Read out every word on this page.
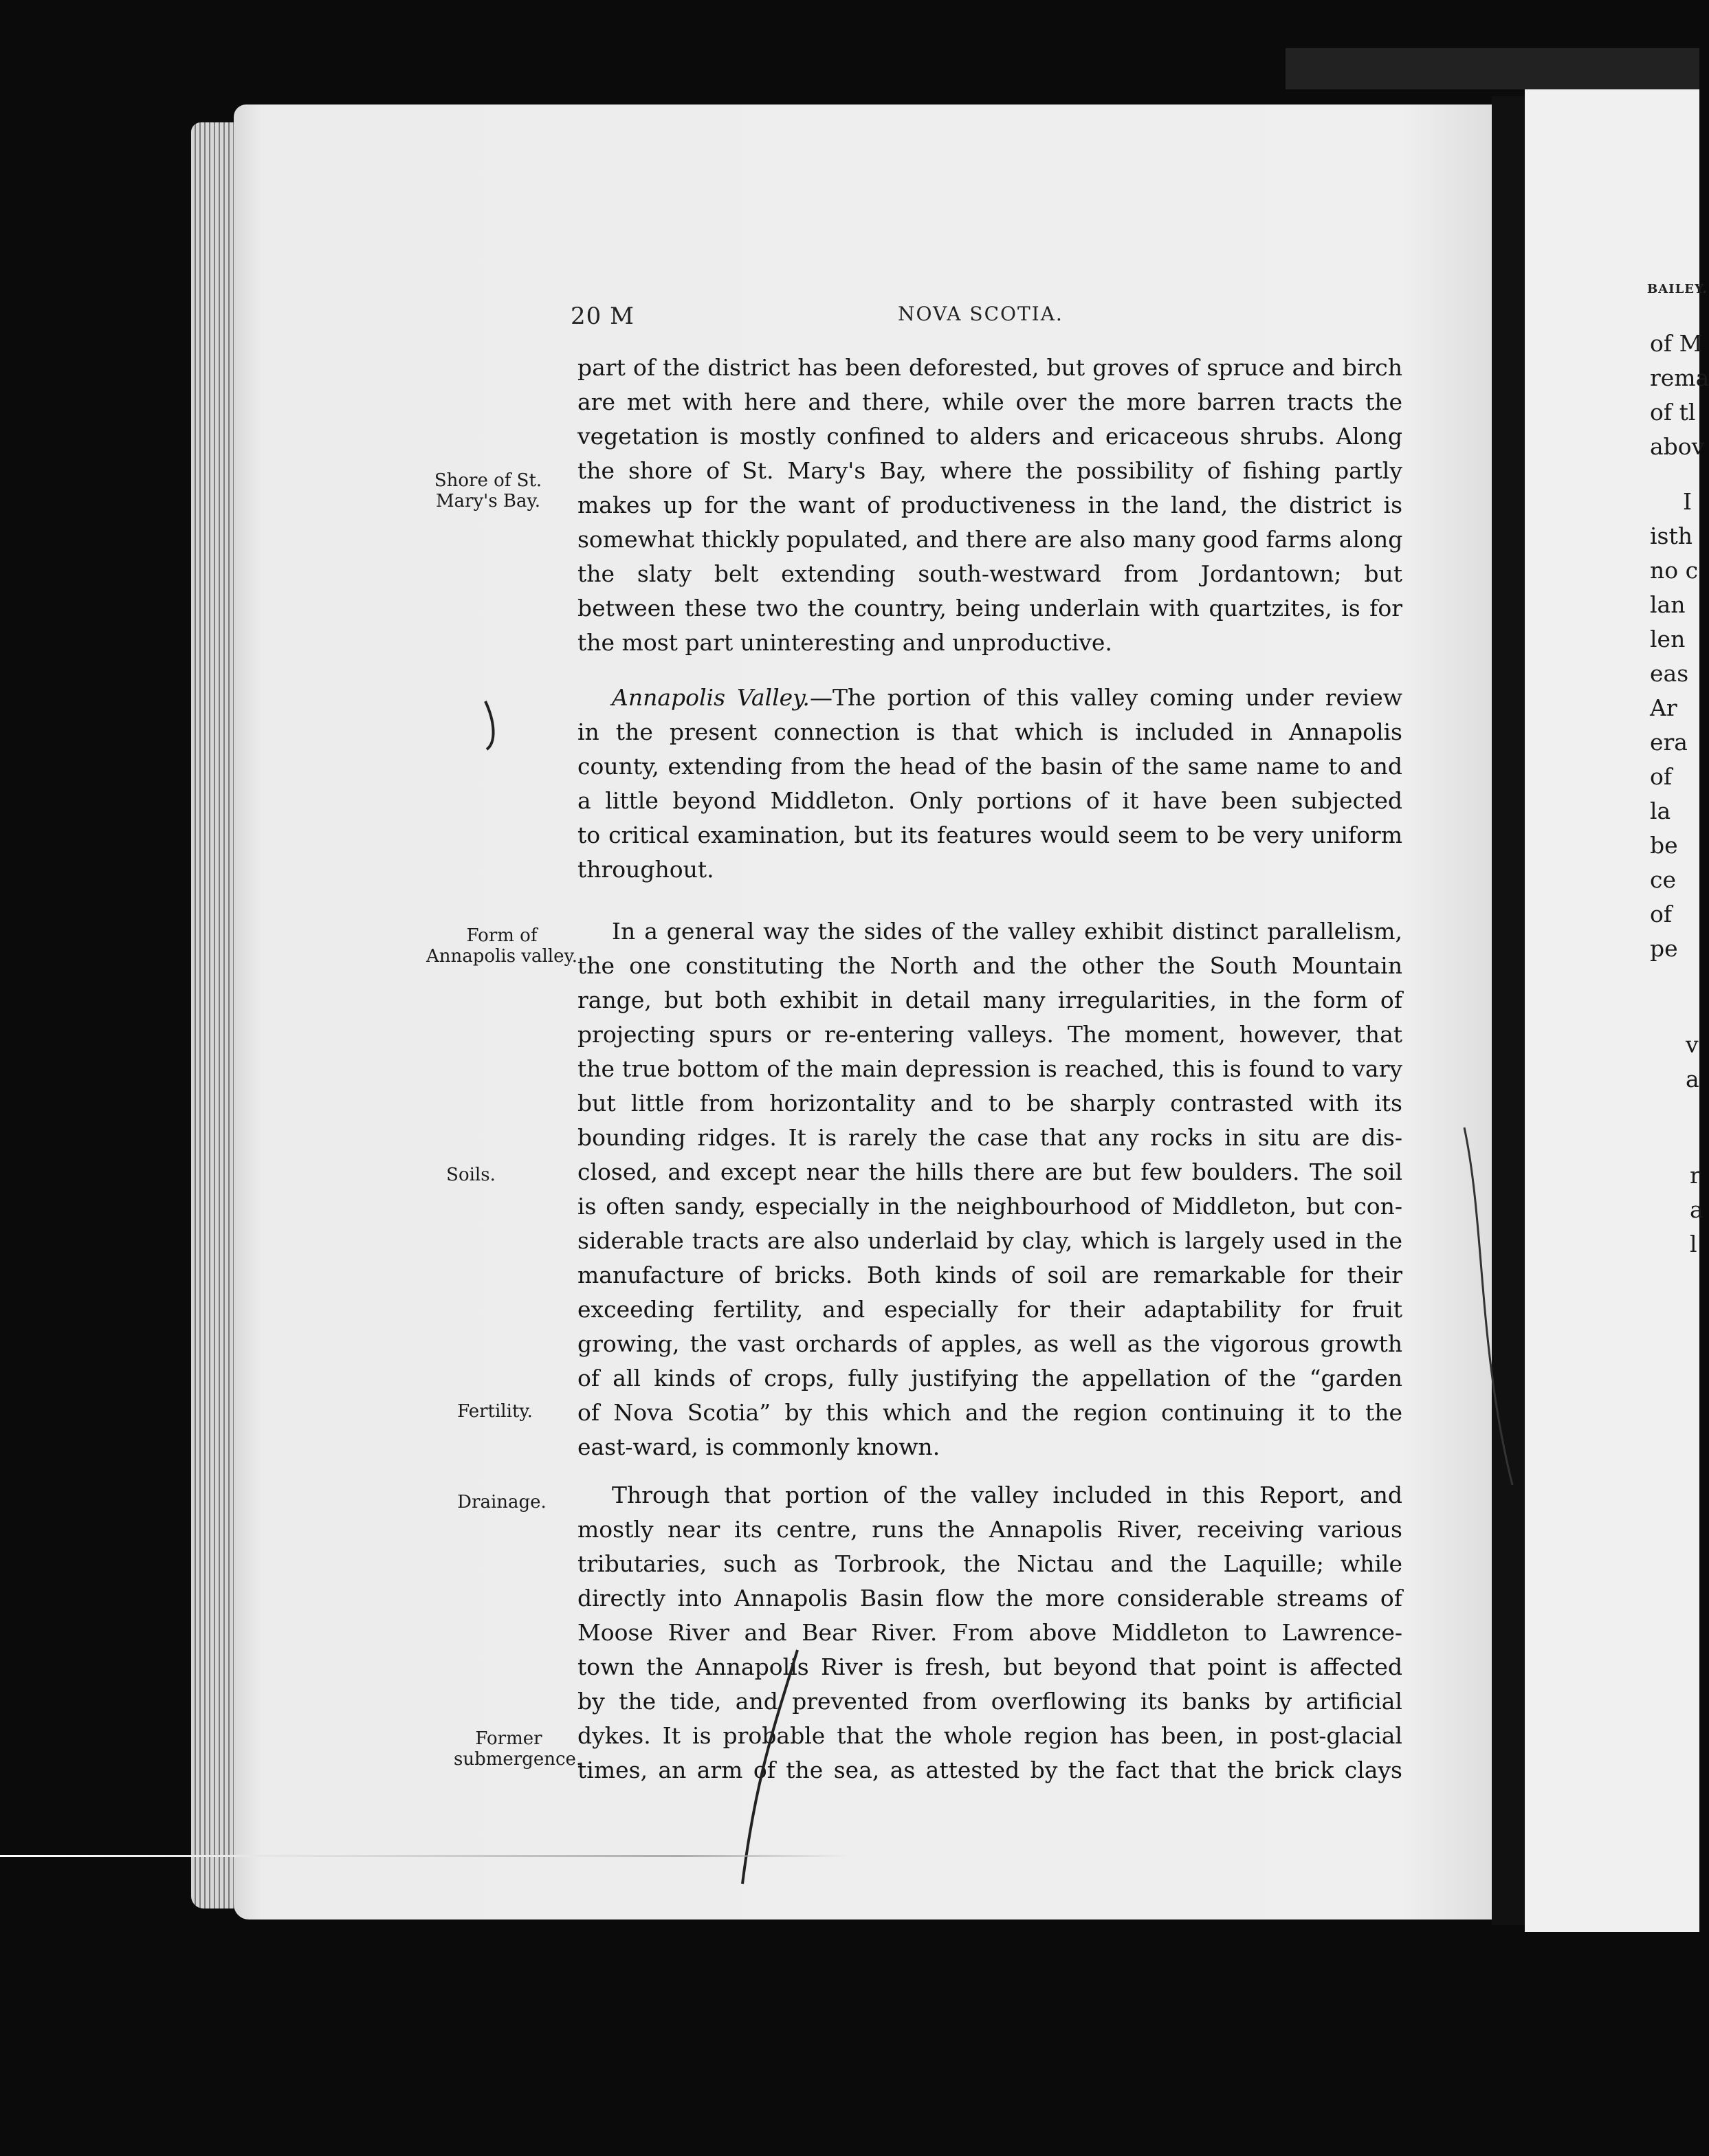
20 M	NOVA SCOTIA.
part of the district has been deforested, but groves of spruce and birch
are met with here and there, while over the more barren tracts the
vegetation is mostly confined to alders and ericaceous shrubs. Along
the shore of St. Mary's Bay, where the possibility of fishing partly
makes up for the want of productiveness in the land, the district is
somewhat thickly populated, and there are also many good farms along
the slaty belt extending south-westward from Jordantown; but
between these two the country, being underlain with quartzites, is for
the most part uninteresting and unproductive.
Annapolis Valley.—The portion of this valley coming under review
in the present connection is that which is included in Annapolis
county, extending from the head of the basin of the same name to and
a little beyond Middleton. Only portions of it have been subjected
to critical examination, but its features would seem to be very uniform
throughout.
In a general way the sides of the valley exhibit distinct parallelism,
the one constituting the North and the other the South Mountain
range, but both exhibit in detail many irregularities, in the form of
projecting spurs or re-entering valleys. The moment, however, that
the true bottom of the main depression is reached, this is found to vary
but little from horizontality and to be sharply contrasted with its
bounding ridges. It is rarely the case that any rocks in situ are dis-
closed, and except near the hills there are but few boulders. The soil
is often sandy, especially in the neighbourhood of Middleton, but con-
siderable tracts are also underlaid by clay, which is largely used in the
manufacture of bricks. Both kinds of soil are remarkable for their
exceeding fertility, and especially for their adaptability for fruit
growing, the vast orchards of apples, as well as the vigorous growth
of all kinds of crops, fully justifying the appellation of the “garden
of Nova Scotia” by this which and the region continuing it to the
east-ward, is commonly known.
Through that portion of the valley included in this Report, and
mostly near its centre, runs the Annapolis River, receiving various
tributaries, such as Torbrook, the Nictau and the Laquille; while
directly into Annapolis Basin flow the more considerable streams of
Moose River and Bear River. From above Middleton to Lawrence-
town the Annapolis River is fresh, but beyond that point is affected
by the tide, and prevented from overflowing its banks by artificial
dykes. It is probable that the whole region has been, in post-glacial
times, an arm of the sea, as attested by the fact that the brick clays
Shore of St. Mary's Bay.
Form of Annapolis valley.
Soils.
Fertility.
Drainage.
Former submergence.
BAILEY.
of M
rema
of tl
abov
I
isth
no c
lan
len
eas
Ar
era
of
la
be
ce
of
pe
v
a
r
a
l
